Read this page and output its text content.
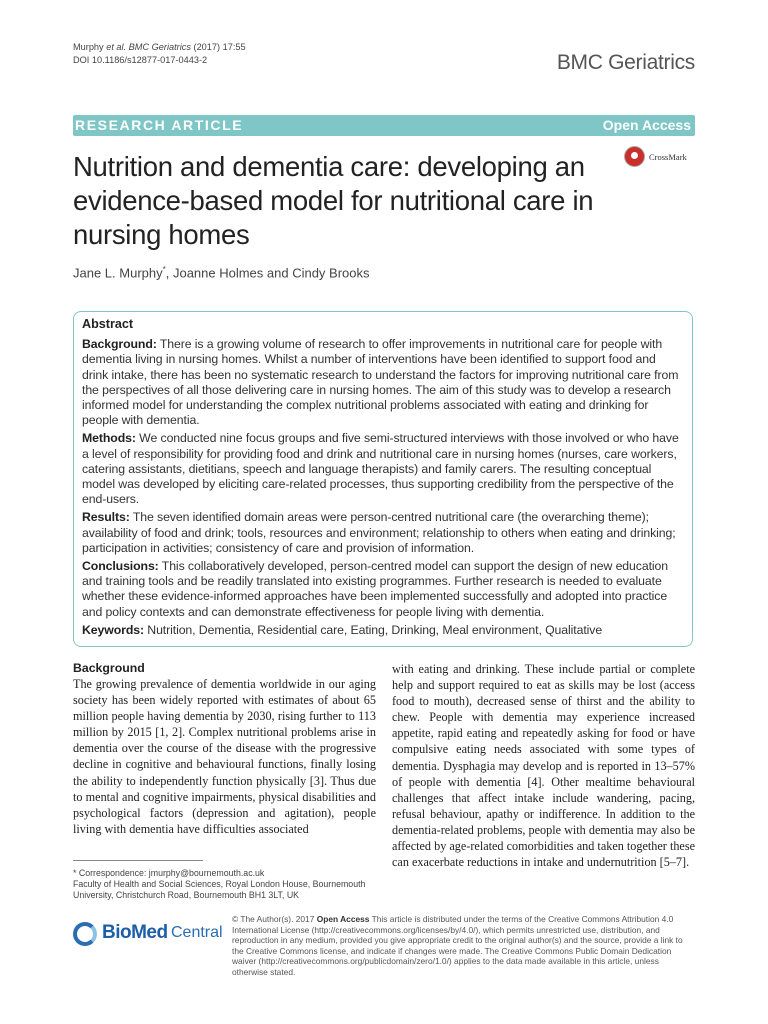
Murphy et al. BMC Geriatrics (2017) 17:55
DOI 10.1186/s12877-017-0443-2	BMC Geriatrics
RESEARCH ARTICLE	Open Access
Nutrition and dementia care: developing an evidence-based model for nutritional care in nursing homes
CrossMark
Jane L. Murphy*, Joanne Holmes and Cindy Brooks
Abstract

Background: There is a growing volume of research to offer improvements in nutritional care for people with dementia living in nursing homes. Whilst a number of interventions have been identified to support food and drink intake, there has been no systematic research to understand the factors for improving nutritional care from the perspectives of all those delivering care in nursing homes. The aim of this study was to develop a research informed model for understanding the complex nutritional problems associated with eating and drinking for people with dementia.

Methods: We conducted nine focus groups and five semi-structured interviews with those involved or who have a level of responsibility for providing food and drink and nutritional care in nursing homes (nurses, care workers, catering assistants, dietitians, speech and language therapists) and family carers. The resulting conceptual model was developed by eliciting care-related processes, thus supporting credibility from the perspective of the end-users.

Results: The seven identified domain areas were person-centred nutritional care (the overarching theme); availability of food and drink; tools, resources and environment; relationship to others when eating and drinking; participation in activities; consistency of care and provision of information.

Conclusions: This collaboratively developed, person-centred model can support the design of new education and training tools and be readily translated into existing programmes. Further research is needed to evaluate whether these evidence-informed approaches have been implemented successfully and adopted into practice and policy contexts and can demonstrate effectiveness for people living with dementia.

Keywords: Nutrition, Dementia, Residential care, Eating, Drinking, Meal environment, Qualitative

Background
The growing prevalence of dementia worldwide in our aging society has been widely reported with estimates of about 65 million people having dementia by 2030, rising further to 113 million by 2015 [1, 2]. Complex nutritional problems arise in dementia over the course of the disease with the progressive decline in cognitive and behavioural functions, finally losing the ability to independently function physically [3]. Thus due to mental and cognitive impairments, physical disabilities and psychological factors (depression and agitation), people living with dementia have difficulties associated
with eating and drinking. These include partial or complete help and support required to eat as skills may be lost (access food to mouth), decreased sense of thirst and the ability to chew. People with dementia may experience increased appetite, rapid eating and repeatedly asking for food or have compulsive eating needs associated with some types of dementia. Dysphagia may develop and is reported in 13–57% of people with dementia [4]. Other mealtime behavioural challenges that affect intake include wandering, pacing, refusal behaviour, apathy or indifference. In addition to the dementia-related problems, people with dementia may also be affected by age-related comorbidities and taken together these can exacerbate reductions in intake and undernutrition [5–7].
* Correspondence: jmurphy@bournemouth.ac.uk
Faculty of Health and Social Sciences, Royal London House, Bournemouth University, Christchurch Road, Bournemouth BH1 3LT, UK
BioMed Central
© The Author(s). 2017 Open Access This article is distributed under the terms of the Creative Commons Attribution 4.0 International License (http://creativecommons.org/licenses/by/4.0/), which permits unrestricted use, distribution, and reproduction in any medium, provided you give appropriate credit to the original author(s) and the source, provide a link to the Creative Commons license, and indicate if changes were made. The Creative Commons Public Domain Dedication waiver (http://creativecommons.org/publicdomain/zero/1.0/) applies to the data made available in this article, unless otherwise stated.
